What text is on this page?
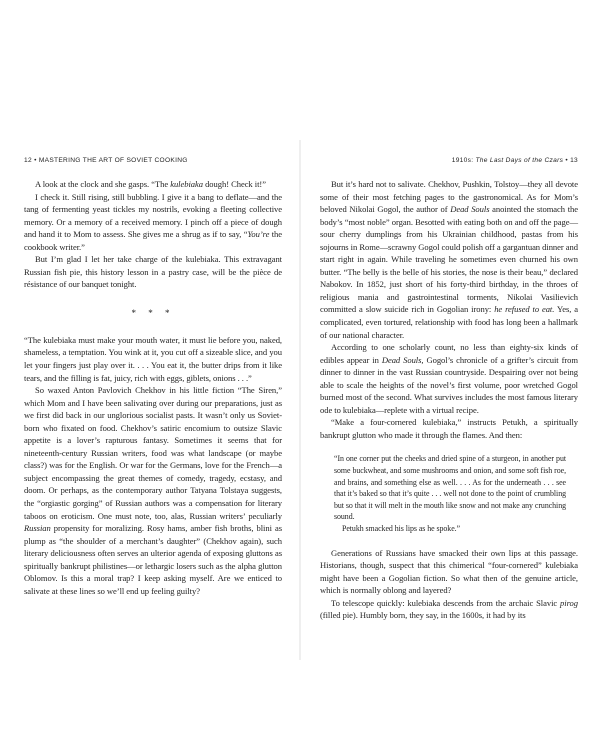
12 • MASTERING THE ART OF SOVIET COOKING

A look at the clock and she gasps. “The kulebiaka dough! Check it!”

I check it. Still rising, still bubbling. I give it a bang to deflate—and the tang of fermenting yeast tickles my nostrils, evoking a fleeting collective memory. Or a memory of a received memory. I pinch off a piece of dough and hand it to Mom to assess. She gives me a shrug as if to say, “You’re the cookbook writer.”

But I’m glad I let her take charge of the kulebiaka. This extravagant Russian fish pie, this history lesson in a pastry case, will be the pièce de résistance of our banquet tonight.

* * *

“The kulebiaka must make your mouth water, it must lie before you, naked, shameless, a temptation. You wink at it, you cut off a sizeable slice, and you let your fingers just play over it. . . . You eat it, the butter drips from it like tears, and the filling is fat, juicy, rich with eggs, giblets, onions . . .”

So waxed Anton Pavlovich Chekhov in his little fiction “The Siren,” which Mom and I have been salivating over during our preparations, just as we first did back in our unglorious socialist pasts. It wasn’t only us Soviet-born who fixated on food. Chekhov’s satiric encomium to outsize Slavic appetite is a lover’s rapturous fantasy. Sometimes it seems that for nineteenth-century Russian writers, food was what landscape (or maybe class?) was for the English. Or war for the Germans, love for the French—a subject encompassing the great themes of comedy, tragedy, ecstasy, and doom. Or perhaps, as the contemporary author Tatyana Tolstaya suggests, the “orgiastic gorging” of Russian authors was a compensation for literary taboos on eroticism. One must note, too, alas, Russian writers’ peculiarly Russian propensity for moralizing. Rosy hams, amber fish broths, blini as plump as “the shoulder of a merchant’s daughter” (Chekhov again), such literary deliciousness often serves an ulterior agenda of exposing gluttons as spiritually bankrupt philistines—or lethargic losers such as the alpha glutton Oblomov. Is this a moral trap? I keep asking myself. Are we enticed to salivate at these lines so we’ll end up feeling guilty?

1910s: The Last Days of the Czars • 13

But it’s hard not to salivate. Chekhov, Pushkin, Tolstoy—they all devote some of their most fetching pages to the gastronomical. As for Mom’s beloved Nikolai Gogol, the author of Dead Souls anointed the stomach the body’s “most noble” organ. Besotted with eating both on and off the page—sour cherry dumplings from his Ukrainian childhood, pastas from his sojourns in Rome—scrawny Gogol could polish off a gargantuan dinner and start right in again. While traveling he sometimes even churned his own butter. “The belly is the belle of his stories, the nose is their beau,” declared Nabokov. In 1852, just short of his forty-third birthday, in the throes of religious mania and gastrointestinal torments, Nikolai Vasilievich committed a slow suicide rich in Gogolian irony: he refused to eat. Yes, a complicated, even tortured, relationship with food has long been a hallmark of our national character.

According to one scholarly count, no less than eighty-six kinds of edibles appear in Dead Souls, Gogol’s chronicle of a grifter’s circuit from dinner to dinner in the vast Russian countryside. Despairing over not being able to scale the heights of the novel’s first volume, poor wretched Gogol burned most of the second. What survives includes the most famous literary ode to kulebiaka—replete with a virtual recipe.

“Make a four-cornered kulebiaka,” instructs Petukh, a spiritually bankrupt glutton who made it through the flames. And then:

“In one corner put the cheeks and dried spine of a sturgeon, in another put some buckwheat, and some mushrooms and onion, and some soft fish roe, and brains, and something else as well. . . . As for the underneath . . . see that it’s baked so that it’s quite . . . well not done to the point of crumbling but so that it will melt in the mouth like snow and not make any crunching sound.

Petukh smacked his lips as he spoke.”

Generations of Russians have smacked their own lips at this passage. Historians, though, suspect that this chimerical “four-cornered” kulebiaka might have been a Gogolian fiction. So what then of the genuine article, which is normally oblong and layered?

To telescope quickly: kulebiaka descends from the archaic Slavic pirog (filled pie). Humbly born, they say, in the 1600s, it had by its
